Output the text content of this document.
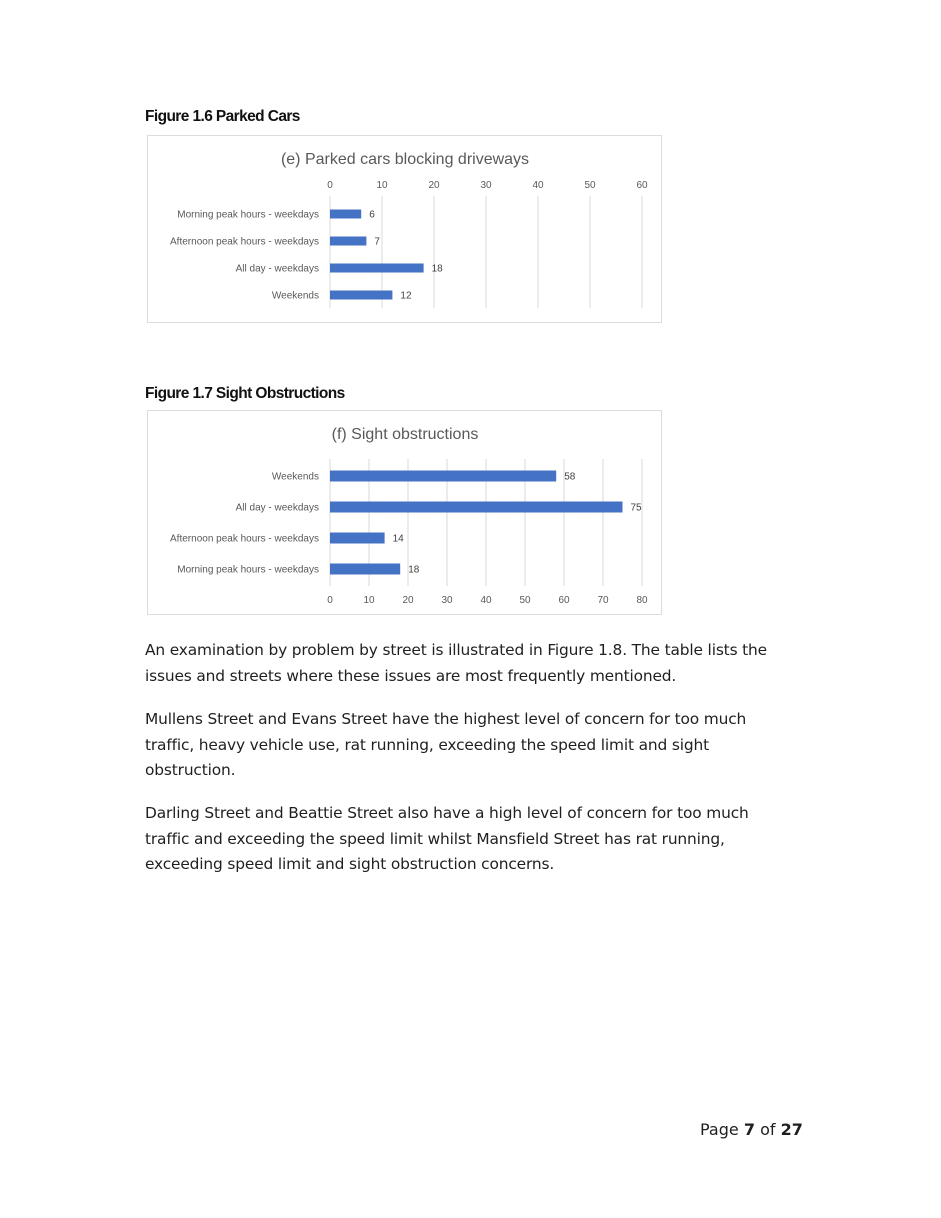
Figure 1.6 Parked Cars
(e) Parked cars blocking driveways
0	10	20	30	40	50	60
Morning peak hours - weekdays	6
Afternoon peak hours - weekdays	7
All day - weekdays	18
Weekends	12
Figure 1.7 Sight Obstructions
(f) Sight obstructions
0	10	20	30	40	50	60	70	80
Weekends	58
All day - weekdays	75
Afternoon peak hours - weekdays	14
Morning peak hours - weekdays	18

An examination by problem by street is illustrated in Figure 1.8. The table lists the issues and streets where these issues are most frequently mentioned.

Mullens Street and Evans Street have the highest level of concern for too much traffic, heavy vehicle use, rat running, exceeding the speed limit and sight obstruction.

Darling Street and Beattie Street also have a high level of concern for too much traffic and exceeding the speed limit whilst Mansfield Street has rat running, exceeding speed limit and sight obstruction concerns.

Page 7 of 27
